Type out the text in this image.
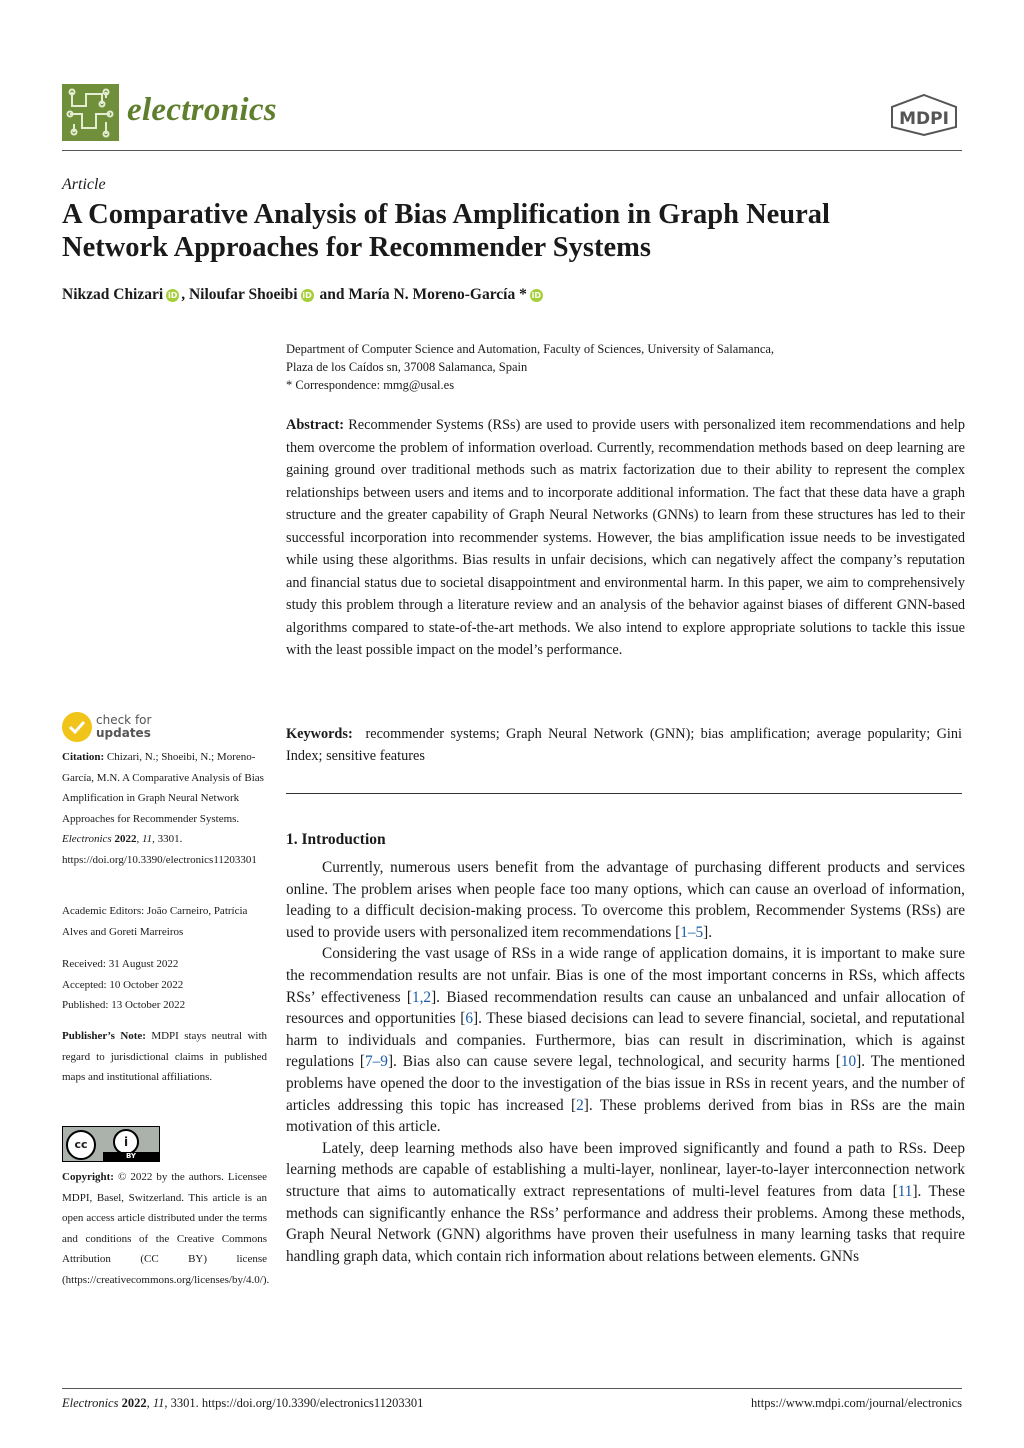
electronics	MDPI
Article
A Comparative Analysis of Bias Amplification in Graph Neural
Network Approaches for Recommender Systems
Nikzad Chizari iD , Niloufar Shoeibi iD and María N. Moreno-García * iD
Department of Computer Science and Automation, Faculty of Sciences, University of Salamanca,
Plaza de los Caídos sn, 37008 Salamanca, Spain
* Correspondence: mmg@usal.es
Abstract: Recommender Systems (RSs) are used to provide users with personalized item recommendations and help them overcome the problem of information overload. Currently, recommendation methods based on deep learning are gaining ground over traditional methods such as matrix factorization due to their ability to represent the complex relationships between users and items and to incorporate additional information. The fact that these data have a graph structure and the greater capability of Graph Neural Networks (GNNs) to learn from these structures has led to their successful incorporation into recommender systems. However, the bias amplification issue needs to be investigated while using these algorithms. Bias results in unfair decisions, which can negatively affect the company’s reputation and financial status due to societal disappointment and environmental harm. In this paper, we aim to comprehensively study this problem through a literature review and an analysis of the behavior against biases of different GNN-based algorithms compared to state-of-the-art methods. We also intend to explore appropriate solutions to tackle this issue with the least possible impact on the model’s performance.
Keywords: recommender systems; Graph Neural Network (GNN); bias amplification; average popularity; Gini Index; sensitive features
1. Introduction

Currently, numerous users benefit from the advantage of purchasing different products and services online. The problem arises when people face too many options, which can cause an overload of information, leading to a difficult decision-making process. To overcome this problem, Recommender Systems (RSs) are used to provide users with personalized item recommendations [1–5].

Considering the vast usage of RSs in a wide range of application domains, it is important to make sure the recommendation results are not unfair. Bias is one of the most important concerns in RSs, which affects RSs’ effectiveness [1,2]. Biased recommendation results can cause an unbalanced and unfair allocation of resources and opportunities [6]. These biased decisions can lead to severe financial, societal, and reputational harm to individuals and companies. Furthermore, bias can result in discrimination, which is against regulations [7–9]. Bias also can cause severe legal, technological, and security harms [10]. The mentioned problems have opened the door to the investigation of the bias issue in RSs in recent years, and the number of articles addressing this topic has increased [2]. These problems derived from bias in RSs are the main motivation of this article.

Lately, deep learning methods also have been improved significantly and found a path to RSs. Deep learning methods are capable of establishing a multi-layer, nonlinear, layer-to-layer interconnection network structure that aims to automatically extract representations of multi-level features from data [11]. These methods can significantly enhance the RSs’ performance and address their problems. Among these methods, Graph Neural Network (GNN) algorithms have proven their usefulness in many learning tasks that require handling graph data, which contain rich information about relations between elements. GNNs

check for
updates
Citation: Chizari, N.; Shoeibi, N.; Moreno-García, M.N. A Comparative Analysis of Bias Amplification in Graph Neural Network Approaches for Recommender Systems. Electronics 2022, 11, 3301. https://doi.org/10.3390/electronics11203301
Academic Editors: João Carneiro, Patrícia Alves and Goreti Marreiros
Received: 31 August 2022
Accepted: 10 October 2022
Published: 13 October 2022
Publisher’s Note: MDPI stays neutral with regard to jurisdictional claims in published maps and institutional affiliations.
cc	i
BY
Copyright: © 2022 by the authors. Licensee MDPI, Basel, Switzerland. This article is an open access article distributed under the terms and conditions of the Creative Commons Attribution (CC BY) license (https://creativecommons.org/licenses/by/4.0/).
Electronics 2022, 11, 3301. https://doi.org/10.3390/electronics11203301	https://www.mdpi.com/journal/electronics
